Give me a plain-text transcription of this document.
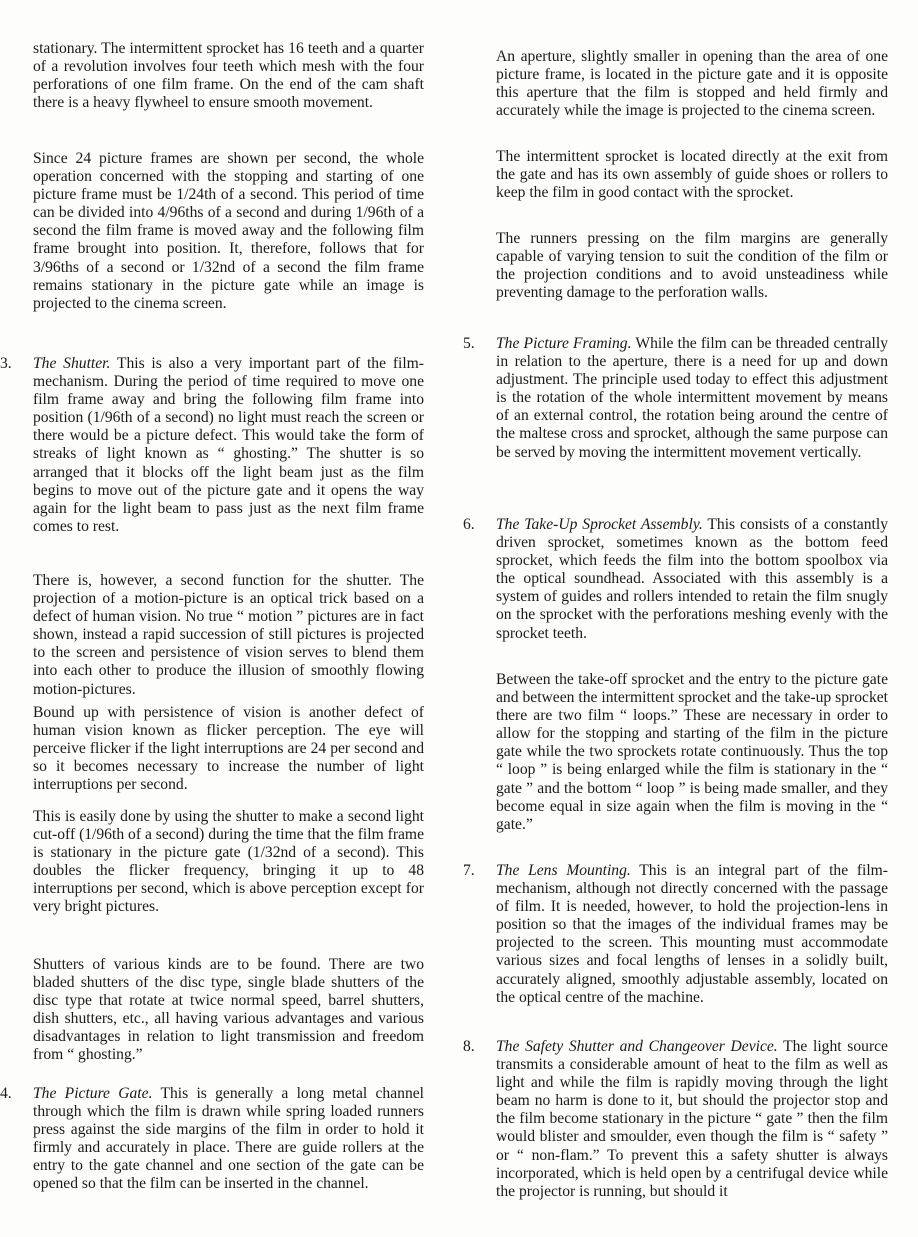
stationary. The intermittent sprocket has 16 teeth and a quarter of a revolution involves four teeth which mesh with the four perforations of one film frame. On the end of the cam shaft there is a heavy flywheel to ensure smooth movement.

Since 24 picture frames are shown per second, the whole operation concerned with the stopping and starting of one picture frame must be 1/24th of a second. This period of time can be divided into 4/96ths of a second and during 1/96th of a second the film frame is moved away and the following film frame brought into position. It, therefore, follows that for 3/96ths of a second or 1/32nd of a second the film frame remains stationary in the picture gate while an image is projected to the cinema screen.

3. The Shutter. This is also a very important part of the film-mechanism. During the period of time required to move one film frame away and bring the following film frame into position (1/96th of a second) no light must reach the screen or there would be a picture defect. This would take the form of streaks of light known as “ ghosting.” The shutter is so arranged that it blocks off the light beam just as the film begins to move out of the picture gate and it opens the way again for the light beam to pass just as the next film frame comes to rest.

There is, however, a second function for the shutter. The projection of a motion-picture is an optical trick based on a defect of human vision. No true “ motion ” pictures are in fact shown, instead a rapid succession of still pictures is projected to the screen and persistence of vision serves to blend them into each other to produce the illusion of smoothly flowing motion-pictures.

Bound up with persistence of vision is another defect of human vision known as flicker perception. The eye will perceive flicker if the light interruptions are 24 per second and so it becomes necessary to increase the number of light interruptions per second.

This is easily done by using the shutter to make a second light cut-off (1/96th of a second) during the time that the film frame is stationary in the picture gate (1/32nd of a second). This doubles the flicker frequency, bringing it up to 48 interruptions per second, which is above perception except for very bright pictures.

Shutters of various kinds are to be found. There are two bladed shutters of the disc type, single blade shutters of the disc type that rotate at twice normal speed, barrel shutters, dish shutters, etc., all having various advantages and various disadvantages in relation to light transmission and freedom from “ ghosting.”

4. The Picture Gate. This is generally a long metal channel through which the film is drawn while spring loaded runners press against the side margins of the film in order to hold it firmly and accurately in place. There are guide rollers at the entry to the gate channel and one section of the gate can be opened so that the film can be inserted in the channel.

An aperture, slightly smaller in opening than the area of one picture frame, is located in the picture gate and it is opposite this aperture that the film is stopped and held firmly and accurately while the image is projected to the cinema screen.

The intermittent sprocket is located directly at the exit from the gate and has its own assembly of guide shoes or rollers to keep the film in good contact with the sprocket.

The runners pressing on the film margins are generally capable of varying tension to suit the condition of the film or the projection conditions and to avoid unsteadiness while preventing damage to the perforation walls.

5. The Picture Framing. While the film can be threaded centrally in relation to the aperture, there is a need for up and down adjustment. The principle used today to effect this adjustment is the rotation of the whole intermittent movement by means of an external control, the rotation being around the centre of the maltese cross and sprocket, although the same purpose can be served by moving the intermittent movement vertically.

6. The Take-Up Sprocket Assembly. This consists of a constantly driven sprocket, sometimes known as the bottom feed sprocket, which feeds the film into the bottom spoolbox via the optical soundhead. Associated with this assembly is a system of guides and rollers intended to retain the film snugly on the sprocket with the perforations meshing evenly with the sprocket teeth.

Between the take-off sprocket and the entry to the picture gate and between the intermittent sprocket and the take-up sprocket there are two film “ loops.” These are necessary in order to allow for the stopping and starting of the film in the picture gate while the two sprockets rotate continuously. Thus the top “ loop ” is being enlarged while the film is stationary in the “ gate ” and the bottom “ loop ” is being made smaller, and they become equal in size again when the film is moving in the “ gate.”

7. The Lens Mounting. This is an integral part of the film-mechanism, although not directly concerned with the passage of film. It is needed, however, to hold the projection-lens in position so that the images of the individual frames may be projected to the screen. This mounting must accommodate various sizes and focal lengths of lenses in a solidly built, accurately aligned, smoothly adjustable assembly, located on the optical centre of the machine.

8. The Safety Shutter and Changeover Device. The light source transmits a considerable amount of heat to the film as well as light and while the film is rapidly moving through the light beam no harm is done to it, but should the projector stop and the film become stationary in the picture “ gate ” then the film would blister and smoulder, even though the film is “ safety ” or “ non-flam.” To prevent this a safety shutter is always incorporated, which is held open by a centrifugal device while the projector is running, but should it
